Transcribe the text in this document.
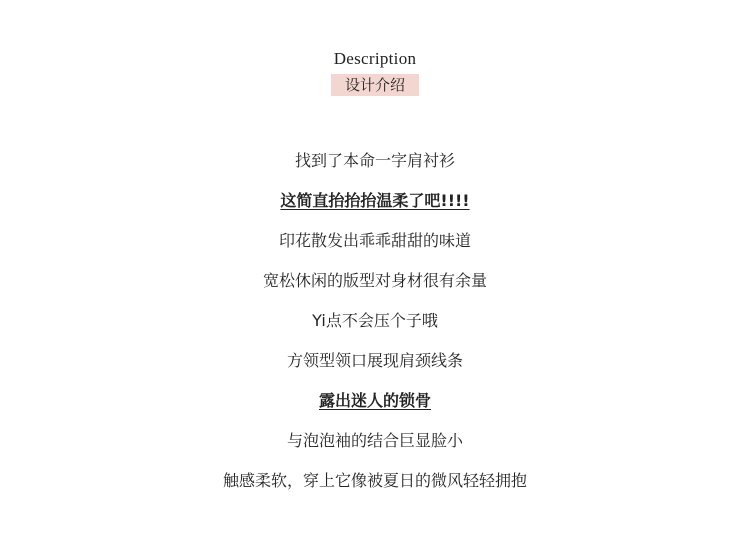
Description
设计介绍
找到了本命一字肩衬衫
这简直抬抬抬温柔了吧!!!!
印花散发出乖乖甜甜的味道
宽松休闲的版型对身材很有余量
Yi点不会压个子哦
方领型领口展现肩颈线条
露出迷人的锁骨
与泡泡袖的结合巨显脸小
触感柔软，穿上它像被夏日的微风轻轻拥抱
